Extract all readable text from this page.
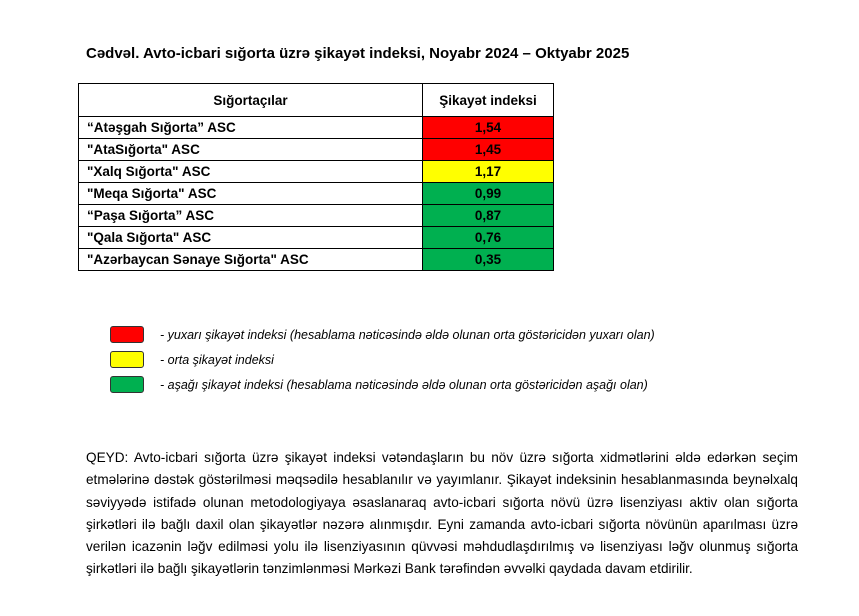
Cədvəl. Avto-icbari sığorta üzrə şikayət indeksi, Noyabr 2024 – Oktyabr 2025
Sığortaçılar	Şikayət indeksi
“Atəşgah Sığorta” ASC	1,54
"AtaSığorta" ASC	1,45
"Xalq Sığorta" ASC	1,17
"Meqa Sığorta" ASC	0,99
“Paşa Sığorta” ASC	0,87
"Qala Sığorta" ASC	0,76
"Azərbaycan Sənaye Sığorta" ASC	0,35
- yuxarı şikayət indeksi (hesablama nəticəsində əldə olunan orta göstəricidən yuxarı olan)
- orta şikayət indeksi
- aşağı şikayət indeksi (hesablama nəticəsində əldə olunan orta göstəricidən aşağı olan)
QEYD: Avto-icbari sığorta üzrə şikayət indeksi vətəndaşların bu növ üzrə sığorta xidmətlərini əldə edərkən seçim etmələrinə dəstək göstərilməsi məqsədilə hesablanılır və yayımlanır. Şikayət indeksinin hesablanmasında beynəlxalq səviyyədə istifadə olunan metodologiyaya əsaslanaraq avto-icbari sığorta növü üzrə lisenziyası aktiv olan sığorta şirkətləri ilə bağlı daxil olan şikayətlər nəzərə alınmışdır. Eyni zamanda avto-icbari sığorta növünün aparılması üzrə verilən icazənin ləğv edilməsi yolu ilə lisenziyasının qüvvəsi məhdudlaşdırılmış və lisenziyası ləğv olunmuş sığorta şirkətləri ilə bağlı şikayətlərin tənzimlənməsi Mərkəzi Bank tərəfindən əvvəlki qaydada davam etdirilir.
